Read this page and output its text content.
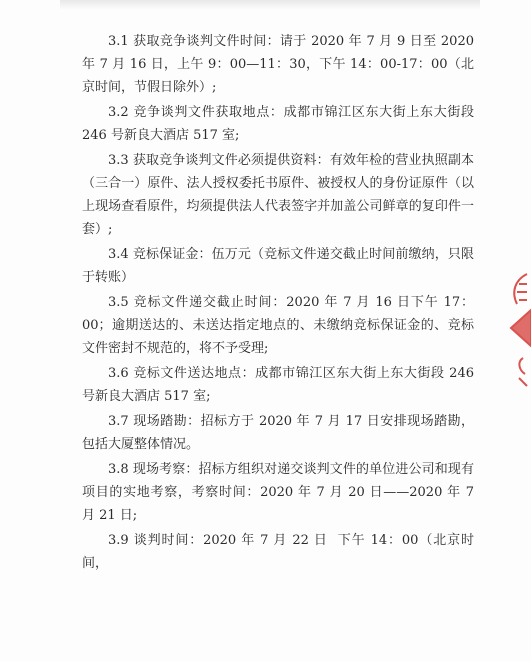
3.1 获取竞争谈判文件时间：请于 2020 年 7 月 9 日至 2020 年 7 月 16 日，上午 9：00—11：30，下午 14：00-17：00（北京时间，节假日除外）;

3.2 竞争谈判文件获取地点：成都市锦江区东大街上东大街段 246 号新良大酒店 517 室;

3.3 获取竞争谈判文件必须提供资料：有效年检的营业执照副本（三合一）原件、法人授权委托书原件、被授权人的身份证原件（以上现场查看原件，均须提供法人代表签字并加盖公司鲜章的复印件一套）;

3.4 竞标保证金：伍万元（竞标文件递交截止时间前缴纳，只限于转账）

3.5 竞标文件递交截止时间：2020 年 7 月 16 日下午 17：00；逾期送达的、未送达指定地点的、未缴纳竞标保证金的、竞标文件密封不规范的，将不予受理;

3.6 竞标文件送达地点：成都市锦江区东大街上东大街段 246 号新良大酒店 517 室;

3.7 现场踏勘：招标方于 2020 年 7 月 17 日安排现场踏勘，包括大厦整体情况。

3.8 现场考察：招标方组织对递交谈判文件的单位进公司和现有项目的实地考察，考察时间：2020 年 7 月 20 日——2020 年 7 月 21 日;

3.9 谈判时间：2020 年 7 月 22 日  下午 14：00（北京时间，
